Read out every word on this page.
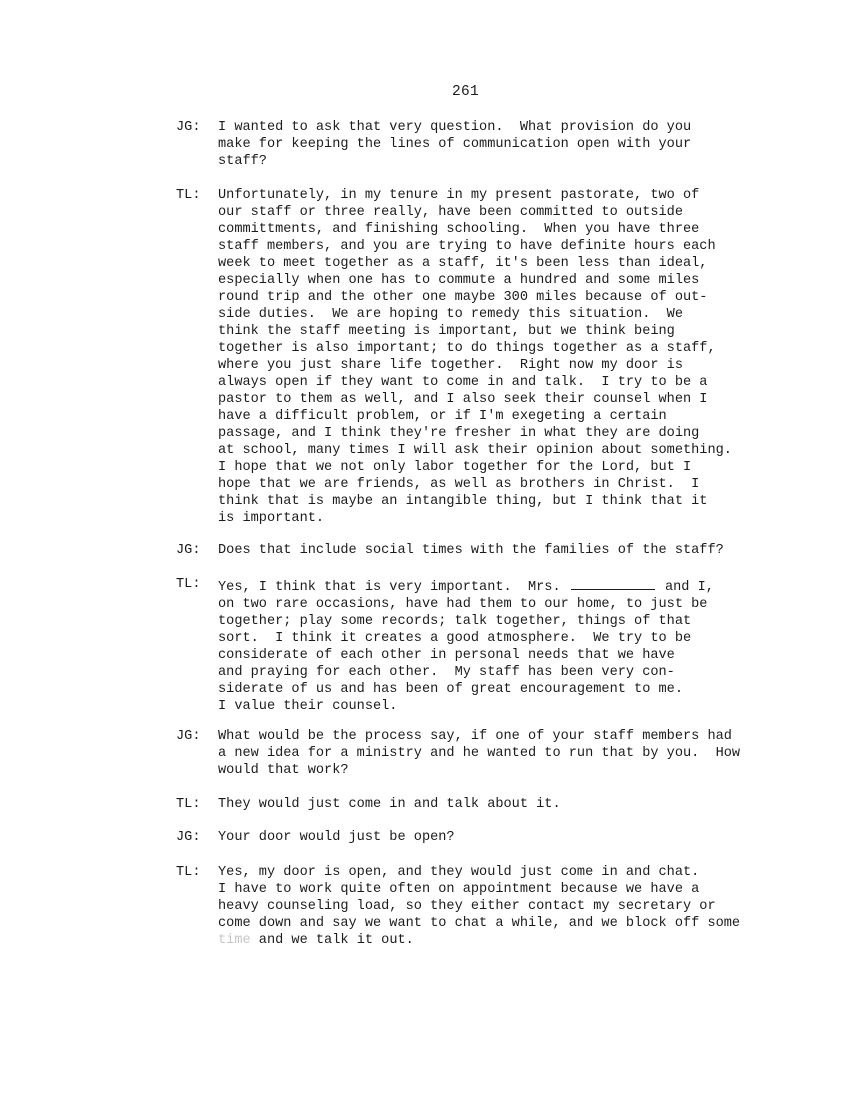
261
JG:	I wanted to ask that very question.  What provision do you
make for keeping the lines of communication open with your
staff?
TL:	Unfortunately, in my tenure in my present pastorate, two of
our staff or three really, have been committed to outside
committments, and finishing schooling.  When you have three
staff members, and you are trying to have definite hours each
week to meet together as a staff, it's been less than ideal,
especially when one has to commute a hundred and some miles
round trip and the other one maybe 300 miles because of out-
side duties.  We are hoping to remedy this situation.  We
think the staff meeting is important, but we think being
together is also important; to do things together as a staff,
where you just share life together.  Right now my door is
always open if they want to come in and talk.  I try to be a
pastor to them as well, and I also seek their counsel when I
have a difficult problem, or if I'm exegeting a certain
passage, and I think they're fresher in what they are doing
at school, many times I will ask their opinion about something.
I hope that we not only labor together for the Lord, but I
hope that we are friends, as well as brothers in Christ.  I
think that is maybe an intangible thing, but I think that it
is important.
JG:	Does that include social times with the families of the staff?
TL:	Yes, I think that is very important.  Mrs.	and I,
on two rare occasions, have had them to our home, to just be
together; play some records; talk together, things of that
sort.  I think it creates a good atmosphere.  We try to be
considerate of each other in personal needs that we have
and praying for each other.  My staff has been very con-
siderate of us and has been of great encouragement to me.
I value their counsel.
JG:	What would be the process say, if one of your staff members had
a new idea for a ministry and he wanted to run that by you.  How
would that work?
TL:	They would just come in and talk about it.
JG:	Your door would just be open?
TL:	Yes, my door is open, and they would just come in and chat.
I have to work quite often on appointment because we have a
heavy counseling load, so they either contact my secretary or
come down and say we want to chat a while, and we block off some
time and we talk it out.
